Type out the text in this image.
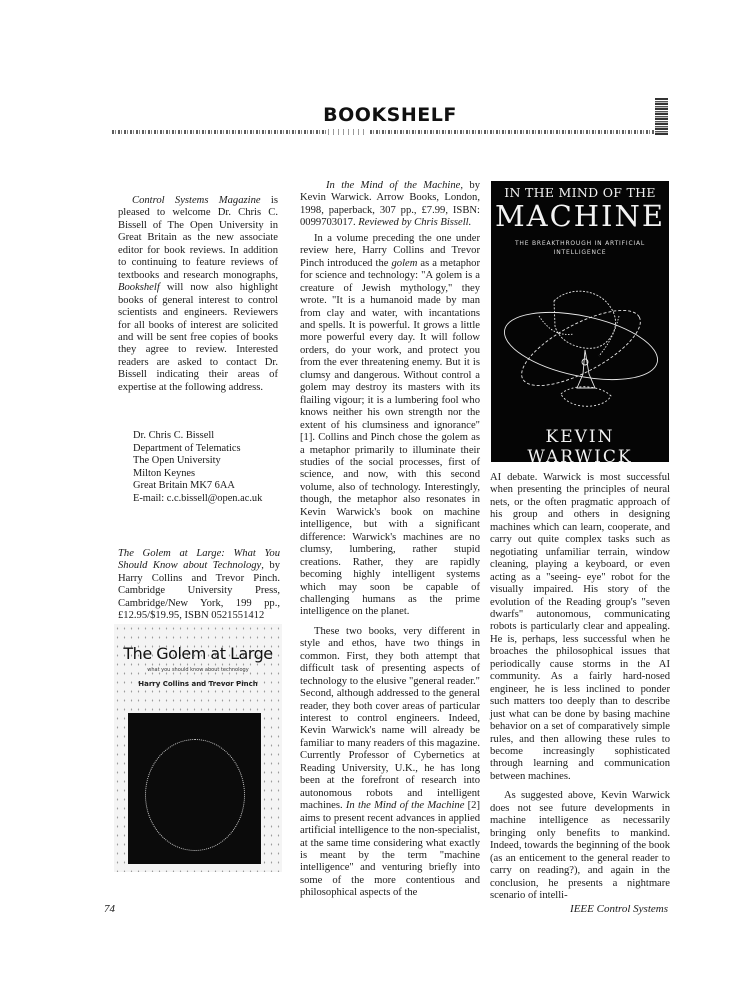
BOOKSHELF

Control Systems Magazine is pleased to welcome Dr. Chris C. Bissell of The Open University in Great Britain as the new associate editor for book reviews. In addition to continuing to feature reviews of textbooks and research monographs, Bookshelf will now also highlight books of general interest to control scientists and engineers. Reviewers for all books of interest are solicited and will be sent free copies of books they agree to review. Interested readers are asked to contact Dr. Bissell indicating their areas of expertise at the following address.

Dr. Chris C. Bissell
Department of Telematics
The Open University
Milton Keynes
Great Britain MK7 6AA
E-mail: c.c.bissell@open.ac.uk

The Golem at Large: What You Should Know about Technology, by Harry Collins and Trevor Pinch. Cambridge University Press, Cambridge/New York, 199 pp., £12.95/$19.95, ISBN 0521551412

The Golem at Large
what you should know about technology
Harry Collins and Trevor Pinch

In the Mind of the Machine, by Kevin Warwick. Arrow Books, London, 1998, paperback, 307 pp., £7.99, ISBN: 0099703017. Reviewed by Chris Bissell.

In a volume preceding the one under review here, Harry Collins and Trevor Pinch introduced the golem as a metaphor for science and technology: "A golem is a creature of Jewish mythology," they wrote. "It is a humanoid made by man from clay and water, with incantations and spells. It is powerful. It grows a little more powerful every day. It will follow orders, do your work, and protect you from the ever threatening enemy. But it is clumsy and dangerous. Without control a golem may destroy its masters with its flailing vigour; it is a lumbering fool who knows neither his own strength nor the extent of his clumsiness and ignorance" [1]. Collins and Pinch chose the golem as a metaphor primarily to illuminate their studies of the social processes, first of science, and now, with this second volume, also of technology. Interestingly, though, the metaphor also resonates in Kevin Warwick's book on machine intelligence, but with a significant difference: Warwick's machines are no clumsy, lumbering, rather stupid creations. Rather, they are rapidly becoming highly intelligent systems which may soon be capable of challenging humans as the prime intelligence on the planet.

These two books, very different in style and ethos, have two things in common. First, they both attempt that difficult task of presenting aspects of technology to the elusive "general reader." Second, although addressed to the general reader, they both cover areas of particular interest to control engineers. Indeed, Kevin Warwick's name will already be familiar to many readers of this magazine. Currently Professor of Cybernetics at Reading University, U.K., he has long been at the forefront of research into autonomous robots and intelligent machines. In the Mind of the Machine [2] aims to present recent advances in applied artificial intelligence to the non-specialist, at the same time considering what exactly is meant by the term "machine intelligence" and venturing briefly into some of the more contentious and philosophical aspects of the

IN THE MIND OF THE
MACHINE
THE BREAKTHROUGH IN ARTIFICIAL INTELLIGENCE
KEVIN WARWICK

AI debate. Warwick is most successful when presenting the principles of neural nets, or the often pragmatic approach of his group and others in designing machines which can learn, cooperate, and carry out quite complex tasks such as negotiating unfamiliar terrain, window cleaning, playing a keyboard, or even acting as a "seeing- eye" robot for the visually impaired. His story of the evolution of the Reading group's "seven dwarfs" autonomous, communicating robots is particularly clear and appealing. He is, perhaps, less successful when he broaches the philosophical issues that periodically cause storms in the AI community. As a fairly hard-nosed engineer, he is less inclined to ponder such matters too deeply than to describe just what can be done by basing machine behavior on a set of comparatively simple rules, and then allowing these rules to become increasingly sophisticated through learning and communication between machines.

As suggested above, Kevin Warwick does not see future developments in machine intelligence as necessarily bringing only benefits to mankind. Indeed, towards the beginning of the book (as an enticement to the general reader to carry on reading?), and again in the conclusion, he presents a nightmare scenario of intelli-

74	IEEE Control Systems
